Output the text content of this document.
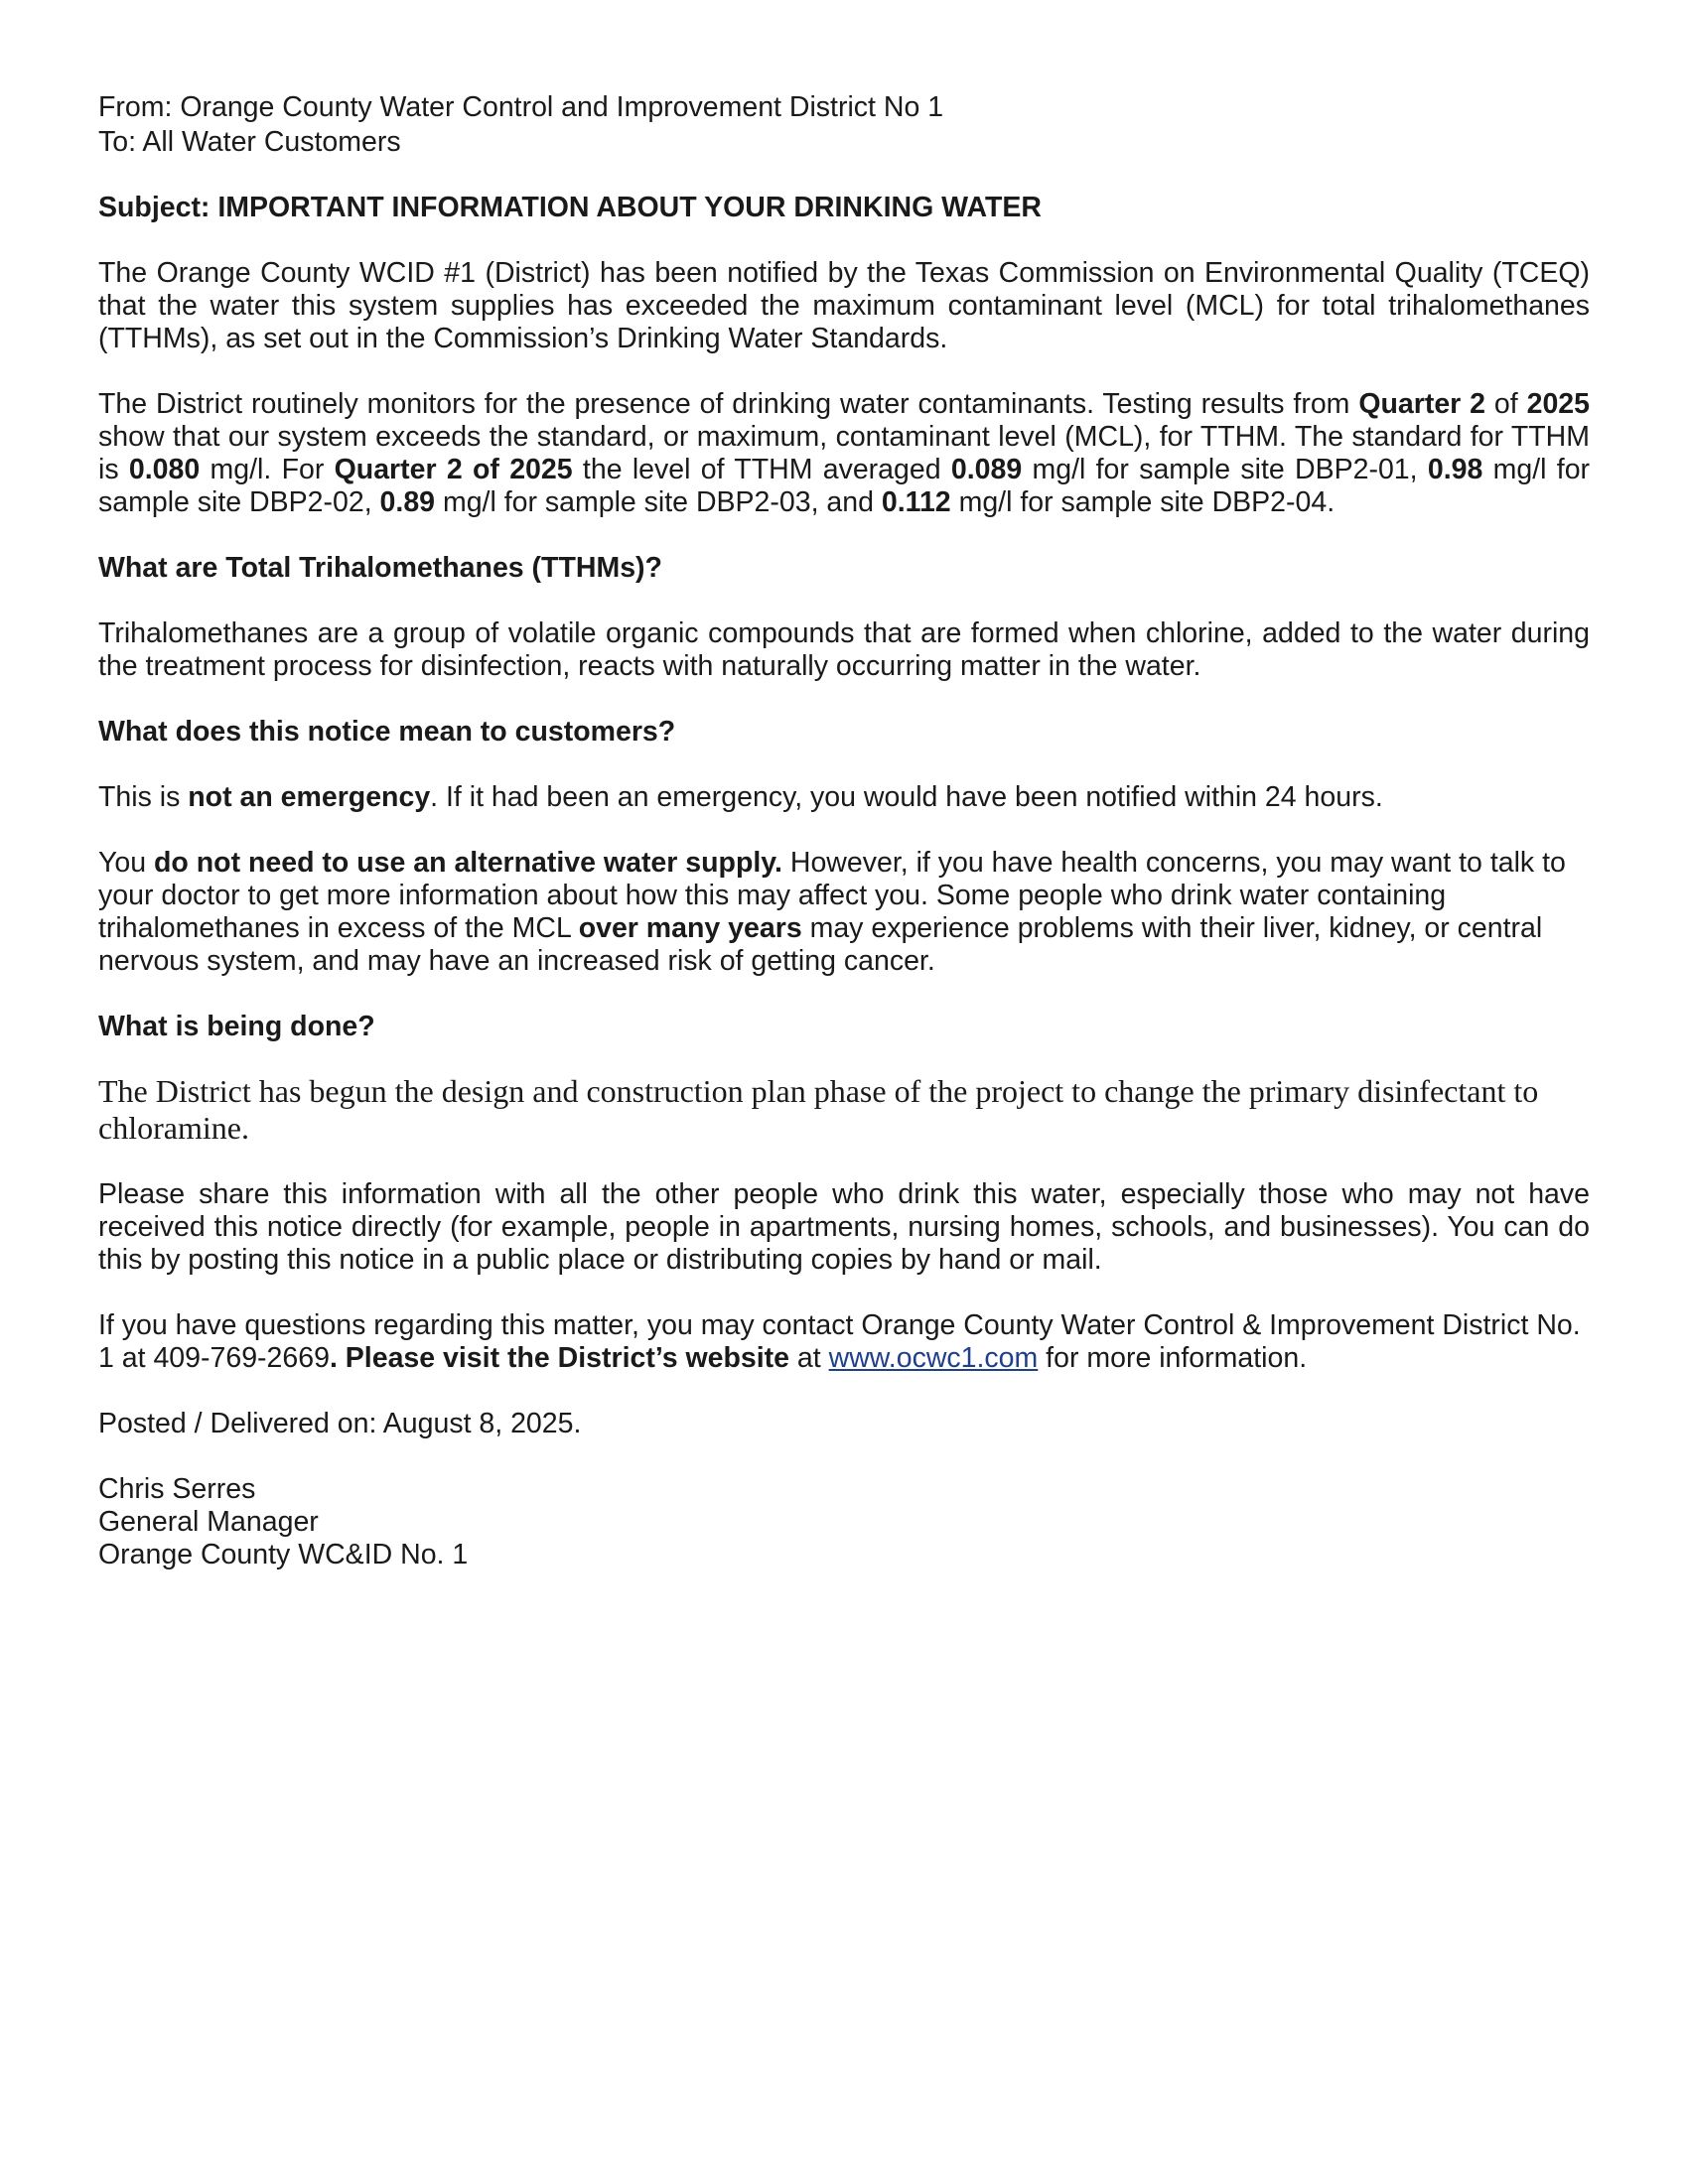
From: Orange County Water Control and Improvement District No 1

To: All Water Customers

Subject: IMPORTANT INFORMATION ABOUT YOUR DRINKING WATER

The Orange County WCID #1 (District) has been notified by the Texas Commission on Environmental Quality (TCEQ) that the water this system supplies has exceeded the maximum contaminant level (MCL) for total trihalomethanes (TTHMs), as set out in the Commission’s Drinking Water Standards.

The District routinely monitors for the presence of drinking water contaminants. Testing results from Quarter 2 of 2025 show that our system exceeds the standard, or maximum, contaminant level (MCL), for TTHM. The standard for TTHM is 0.080 mg/l. For Quarter 2 of 2025 the level of TTHM averaged 0.089 mg/l for sample site DBP2-01, 0.98 mg/l for sample site DBP2-02, 0.89 mg/l for sample site DBP2-03, and 0.112 mg/l for sample site DBP2-04.

What are Total Trihalomethanes (TTHMs)?

Trihalomethanes are a group of volatile organic compounds that are formed when chlorine, added to the water during the treatment process for disinfection, reacts with naturally occurring matter in the water.

What does this notice mean to customers?

This is not an emergency. If it had been an emergency, you would have been notified within 24 hours.

You do not need to use an alternative water supply. However, if you have health concerns, you may want to talk to your doctor to get more information about how this may affect you. Some people who drink water containing trihalomethanes in excess of the MCL over many years may experience problems with their liver, kidney, or central nervous system, and may have an increased risk of getting cancer.

What is being done?

The District has begun the design and construction plan phase of the project to change the primary disinfectant to chloramine.

Please share this information with all the other people who drink this water, especially those who may not have received this notice directly (for example, people in apartments, nursing homes, schools, and businesses). You can do this by posting this notice in a public place or distributing copies by hand or mail.

If you have questions regarding this matter, you may contact Orange County Water Control & Improvement District No. 1 at 409-769-2669. Please visit the District’s website at www.ocwc1.com for more information.

Posted / Delivered on: August 8, 2025.

Chris Serres
General Manager
Orange County WC&ID No. 1
